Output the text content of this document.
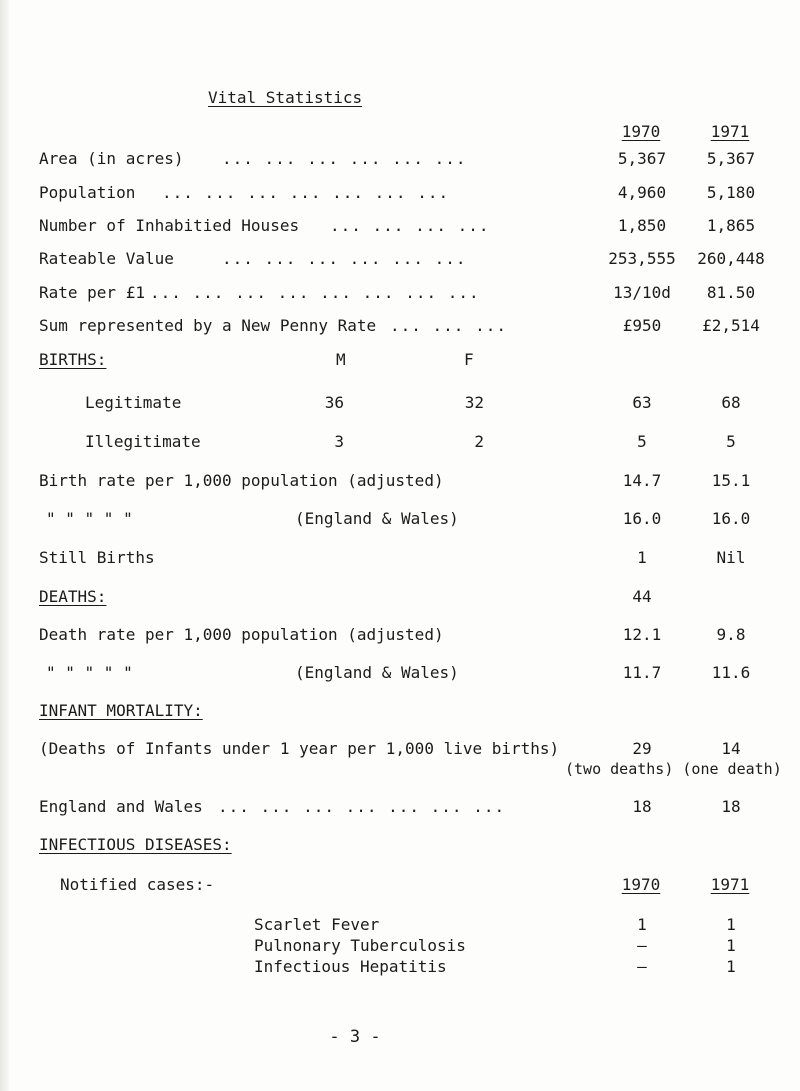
Vital Statistics
1970	1971
Area (in acres) ... ... ... ... ... ...	5,367	5,367
Population ... ... ... ... ... ... ...	4,960	5,180
Number of Inhabitied Houses ... ... ... ...	1,850	1,865
Rateable Value	... ... ... ... ... ...	253,555	260,448
Rate per £1 ... ... ... ... ... ... ... ...	13/10d	81.50
Sum represented by a New Penny Rate ... ... ...	£950	£2,514
BIRTHS:	M	F
Legitimate	36	32	63	68
Illegitimate	3	2	5	5
Birth rate per 1,000 population (adjusted)	14.7	15.1
" " " " "	(England & Wales)	16.0	16.0
Still Births	1	Nil
DEATHS:	44
Death rate per 1,000 population (adjusted)	12.1	9.8
" " " " "	(England & Wales)	11.7	11.6
INFANT MORTALITY:
(Deaths of Infants under 1 year per 1,000 live births)	29	14
(two deaths) (one death)
England and Wales ... ... ... ... ... ... ...	18	18
INFECTIOUS DISEASES:
Notified cases:-	1970	1971
Scarlet Fever	1	1
Pulnonary Tuberculosis	–	1
Infectious Hepatitis	–	1
- 3 -
